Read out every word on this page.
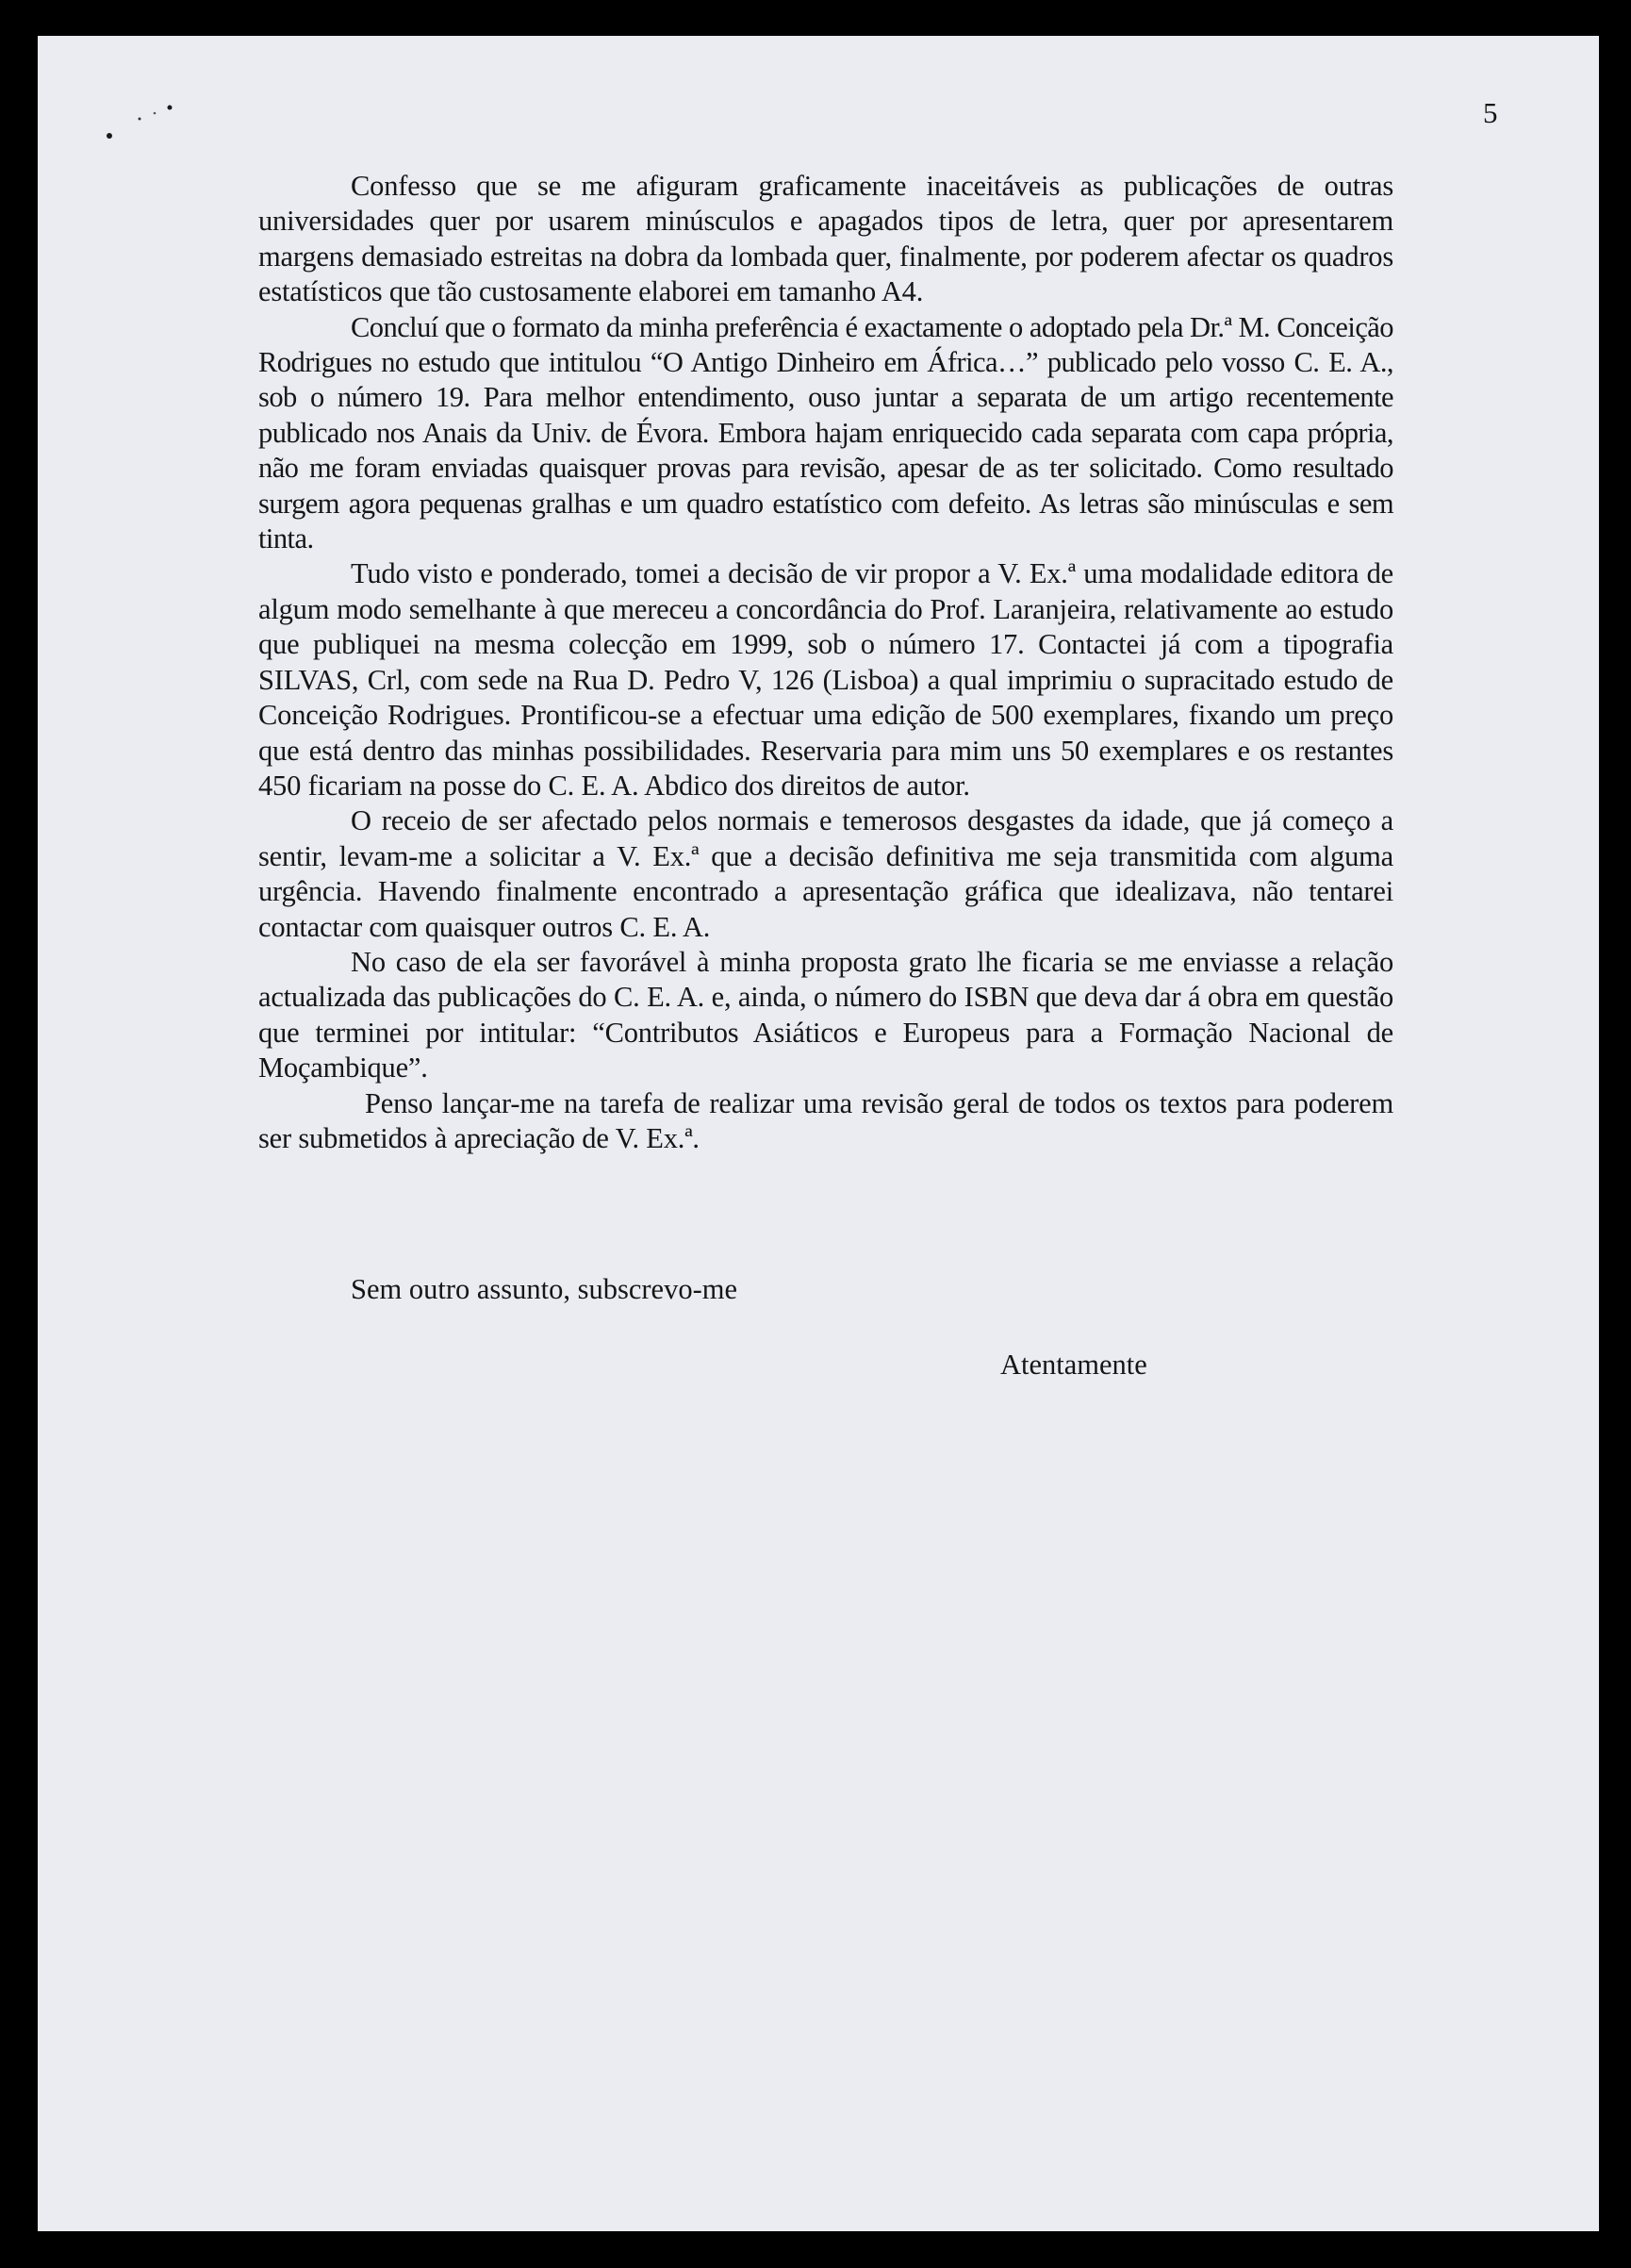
5

Confesso que se me afiguram graficamente inaceitáveis as publicações de outras universidades quer por usarem minúsculos e apagados tipos de letra, quer por apresentarem margens demasiado estreitas na dobra da lombada quer, finalmente, por poderem afectar os quadros estatísticos que tão custosamente elaborei em tamanho A4.

Concluí que o formato da minha preferência é exactamente o adoptado pela Dr.ª M. Conceição Rodrigues no estudo que intitulou “O Antigo Dinheiro em África…” publicado pelo vosso C. E. A., sob o número 19. Para melhor entendimento, ouso juntar a separata de um artigo recentemente publicado nos Anais da Univ. de Évora. Embora hajam enriquecido cada separata com capa própria, não me foram enviadas quaisquer provas para revisão, apesar de as ter solicitado. Como resultado surgem agora pequenas gralhas e um quadro estatístico com defeito. As letras são minúsculas e sem tinta.

Tudo visto e ponderado, tomei a decisão de vir propor a V. Ex.ª uma modalidade editora de algum modo semelhante à que mereceu a concordância do Prof. Laranjeira, relativamente ao estudo que publiquei na mesma colecção em 1999, sob o número 17. Contactei já com a tipografia SILVAS, Crl, com sede na Rua D. Pedro V, 126 (Lisboa) a qual imprimiu o supracitado estudo de Conceição Rodrigues. Prontificou-se a efectuar uma edição de 500 exemplares, fixando um preço que está dentro das minhas possibilidades. Reservaria para mim uns 50 exemplares e os restantes 450 ficariam na posse do C. E. A. Abdico dos direitos de autor.

O receio de ser afectado pelos normais e temerosos desgastes da idade, que já começo a sentir, levam-me a solicitar a V. Ex.ª que a decisão definitiva me seja transmitida com alguma urgência. Havendo finalmente encontrado a apresentação gráfica que idealizava, não tentarei contactar com quaisquer outros C. E. A.

No caso de ela ser favorável à minha proposta grato lhe ficaria se me enviasse a relação actualizada das publicações do C. E. A. e, ainda, o número do ISBN que deva dar á obra em questão que terminei por intitular: “Contributos Asiáticos e Europeus para a Formação Nacional de Moçambique”.

Penso lançar-me na tarefa de realizar uma revisão geral de todos os textos para poderem ser submetidos à apreciação de V. Ex.ª.

Sem outro assunto, subscrevo-me
Atentamente
